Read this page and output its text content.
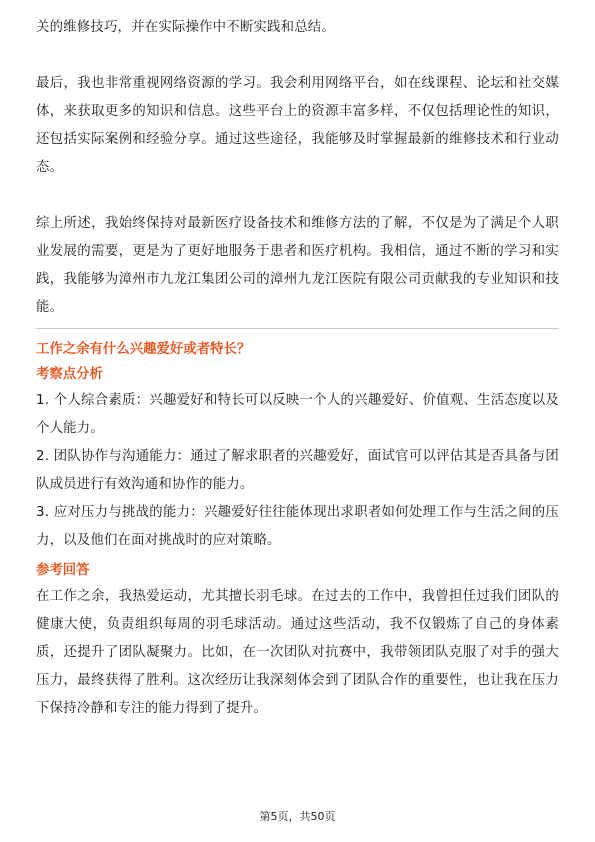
关的维修技巧，并在实际操作中不断实践和总结。

最后，我也非常重视网络资源的学习。我会利用网络平台，如在线课程、论坛和社交媒体，来获取更多的知识和信息。这些平台上的资源丰富多样，不仅包括理论性的知识，还包括实际案例和经验分享。通过这些途径，我能够及时掌握最新的维修技术和行业动态。

综上所述，我始终保持对最新医疗设备技术和维修方法的了解，不仅是为了满足个人职业发展的需要，更是为了更好地服务于患者和医疗机构。我相信，通过不断的学习和实践，我能够为漳州市九龙江集团公司的漳州九龙江医院有限公司贡献我的专业知识和技能。

工作之余有什么兴趣爱好或者特长？

考察点分析

1. 个人综合素质：兴趣爱好和特长可以反映一个人的兴趣爱好、价值观、生活态度以及个人能力。

2. 团队协作与沟通能力：通过了解求职者的兴趣爱好，面试官可以评估其是否具备与团队成员进行有效沟通和协作的能力。

3. 应对压力与挑战的能力：兴趣爱好往往能体现出求职者如何处理工作与生活之间的压力，以及他们在面对挑战时的应对策略。

参考回答

在工作之余，我热爱运动，尤其擅长羽毛球。在过去的工作中，我曾担任过我们团队的健康大使，负责组织每周的羽毛球活动。通过这些活动，我不仅锻炼了自己的身体素质，还提升了团队凝聚力。比如，在一次团队对抗赛中，我带领团队克服了对手的强大压力，最终获得了胜利。这次经历让我深刻体会到了团队合作的重要性，也让我在压力下保持冷静和专注的能力得到了提升。

第5页，共50页
